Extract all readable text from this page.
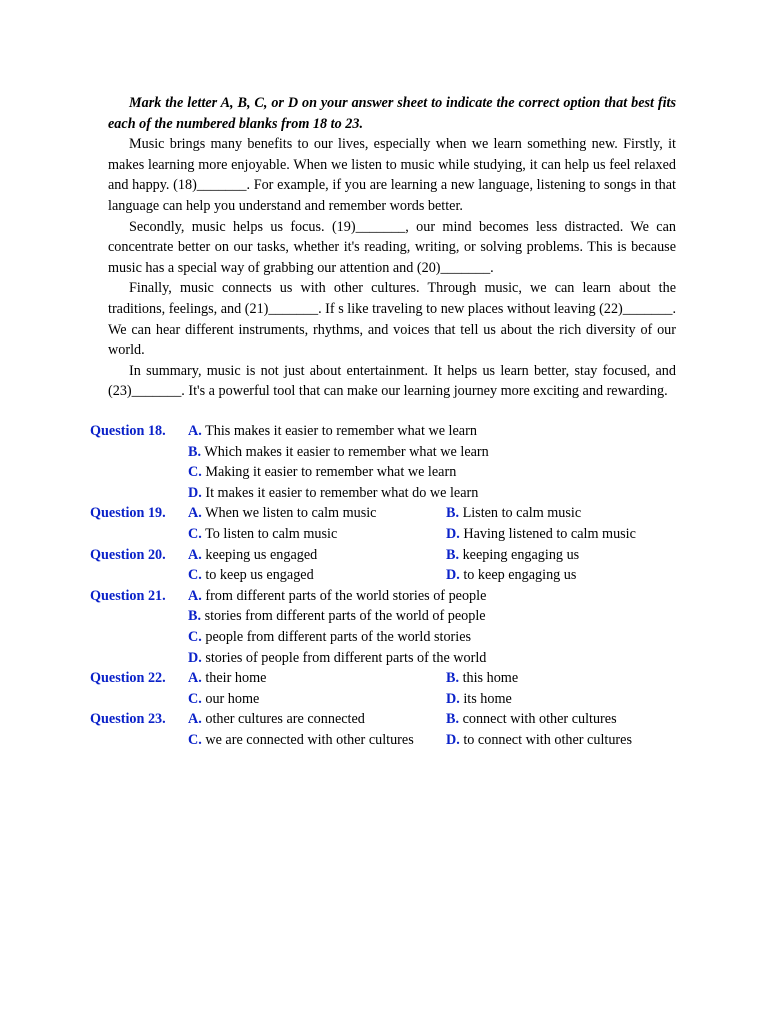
Mark the letter A, B, C, or D on your answer sheet to indicate the correct option that best fits each of the numbered blanks from 18 to 23.

Music brings many benefits to our lives, especially when we learn something new. Firstly, it makes learning more enjoyable. When we listen to music while studying, it can help us feel relaxed and happy. (18)_______. For example, if you are learning a new language, listening to songs in that language can help you understand and remember words better.

Secondly, music helps us focus. (19)_______, our mind becomes less distracted. We can concentrate better on our tasks, whether it's reading, writing, or solving problems. This is because music has a special way of grabbing our attention and (20)_______.

Finally, music connects us with other cultures. Through music, we can learn about the traditions, feelings, and (21)_______. If s like traveling to new places without leaving (22)_______. We can hear different instruments, rhythms, and voices that tell us about the rich diversity of our world.

In summary, music is not just about entertainment. It helps us learn better, stay focused, and (23)_______. It's a powerful tool that can make our learning journey more exciting and rewarding.

Question 18. A. This makes it easier to remember what we learn
B. Which makes it easier to remember what we learn
C. Making it easier to remember what we learn
D. It makes it easier to remember what do we learn
Question 19. A. When we listen to calm music	B. Listen to calm music
C. To listen to calm music	D. Having listened to calm music
Question 20. A. keeping us engaged	B. keeping engaging us
C. to keep us engaged	D. to keep engaging us
Question 21. A. from different parts of the world stories of people
B. stories from different parts of the world of people
C. people from different parts of the world stories
D. stories of people from different parts of the world
Question 22. A. their home	B. this home
C. our home	D. its home
Question 23. A. other cultures are connected	B. connect with other cultures
C. we are connected with other cultures D. to connect with other cultures
